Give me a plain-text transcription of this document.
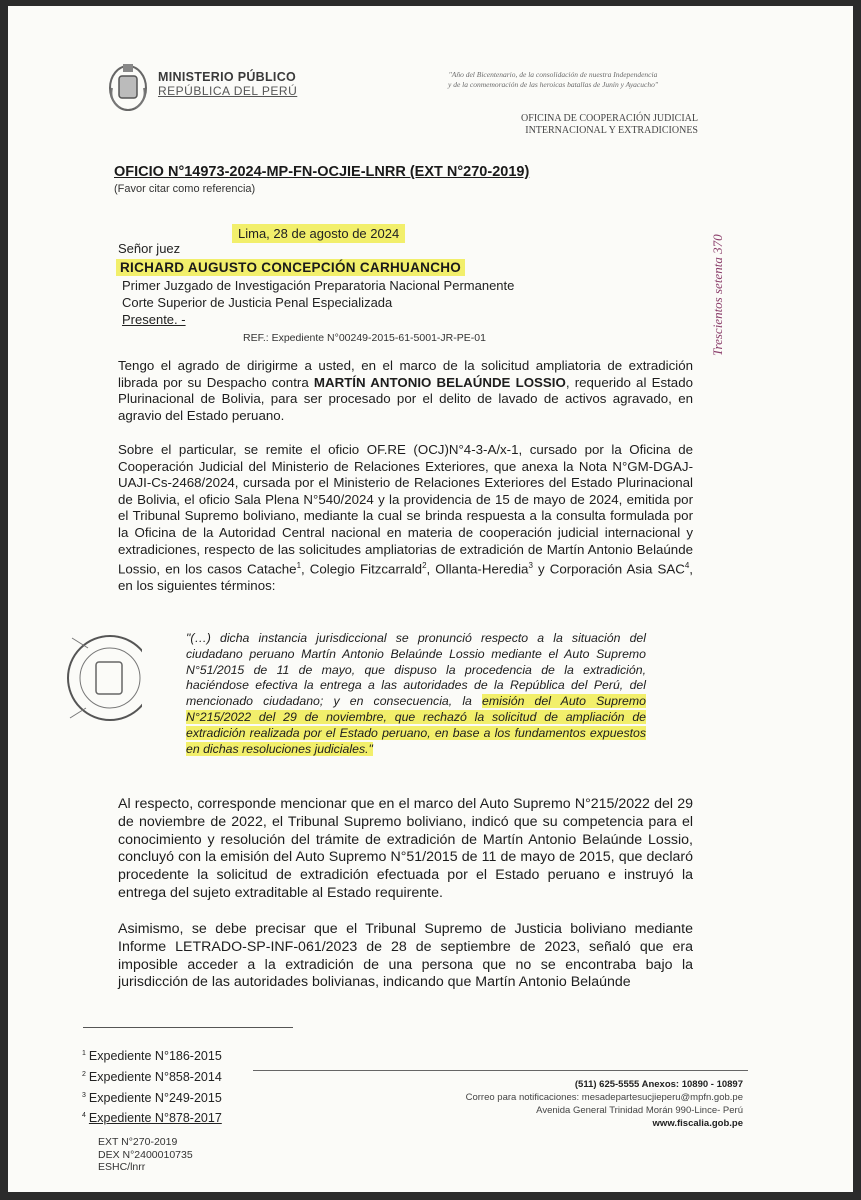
MINISTERIO PÚBLICO
REPÚBLICA DEL PERÚ
"Año del Bicentenario, de la consolidación de nuestra Independencia
y de la conmemoración de las heroicas batallas de Junín y Ayacucho"
OFICINA DE COOPERACIÓN JUDICIAL
INTERNACIONAL Y EXTRADICIONES
Trescientos setenta 370
OFICIO N°14973-2024-MP-FN-OCJIE-LNRR (EXT N°270-2019)
(Favor citar como referencia)
Lima, 28 de agosto de 2024
Señor juez
RICHARD AUGUSTO CONCEPCIÓN CARHUANCHO
Primer Juzgado de Investigación Preparatoria Nacional Permanente
Corte Superior de Justicia Penal Especializada
Presente. -
REF.: Expediente N°00249-2015-61-5001-JR-PE-01
Tengo el agrado de dirigirme a usted, en el marco de la solicitud ampliatoria de extradición librada por su Despacho contra MARTÍN ANTONIO BELAÚNDE LOSSIO, requerido al Estado Plurinacional de Bolivia, para ser procesado por el delito de lavado de activos agravado, en agravio del Estado peruano.
Sobre el particular, se remite el oficio OF.RE (OCJ)N°4-3-A/x-1, cursado por la Oficina de Cooperación Judicial del Ministerio de Relaciones Exteriores, que anexa la Nota N°GM-DGAJ-UAJI-Cs-2468/2024, cursada por el Ministerio de Relaciones Exteriores del Estado Plurinacional de Bolivia, el oficio Sala Plena N°540/2024 y la providencia de 15 de mayo de 2024, emitida por el Tribunal Supremo boliviano, mediante la cual se brinda respuesta a la consulta formulada por la Oficina de la Autoridad Central nacional en materia de cooperación judicial internacional y extradiciones, respecto de las solicitudes ampliatorias de extradición de Martín Antonio Belaúnde Lossio, en los casos Catache$^1$, Colegio Fitzcarrald$^2$, Ollanta-Heredia$^3$ y Corporación Asia SAC$^4$, en los siguientes términos:
"(…) dicha instancia jurisdiccional se pronunció respecto a la situación del ciudadano peruano Martín Antonio Belaúnde Lossio mediante el Auto Supremo N°51/2015 de 11 de mayo, que dispuso la procedencia de la extradición, haciéndose efectiva la entrega a las autoridades de la República del Perú, del mencionado ciudadano; y en consecuencia, la emisión del Auto Supremo N°215/2022 del 29 de noviembre, que rechazó la solicitud de ampliación de extradición realizada por el Estado peruano, en base a los fundamentos expuestos en dichas resoluciones judiciales."
Al respecto, corresponde mencionar que en el marco del Auto Supremo N°215/2022 del 29 de noviembre de 2022, el Tribunal Supremo boliviano, indicó que su competencia para el conocimiento y resolución del trámite de extradición de Martín Antonio Belaúnde Lossio, concluyó con la emisión del Auto Supremo N°51/2015 de 11 de mayo de 2015, que declaró procedente la solicitud de extradición efectuada por el Estado peruano e instruyó la entrega del sujeto extraditable al Estado requirente.
Asimismo, se debe precisar que el Tribunal Supremo de Justicia boliviano mediante Informe LETRADO-SP-INF-061/2023 de 28 de septiembre de 2023, señaló que era imposible acceder a la extradición de una persona que no se encontraba bajo la jurisdicción de las autoridades bolivianas, indicando que Martín Antonio Belaúnde
$^1$ Expediente N°186-2015
$^2$ Expediente N°858-2014
$^3$ Expediente N°249-2015
$^4$ Expediente N°878-2017
(511) 625-5555 Anexos: 10890 - 10897
Correo para notificaciones: mesadepartesucjieperu@mpfn.gob.pe
Avenida General Trinidad Morán 990-Lince- Perú
www.fiscalia.gob.pe
EXT N°270-2019
DEX N°2400010735
ESHC/lnrr
